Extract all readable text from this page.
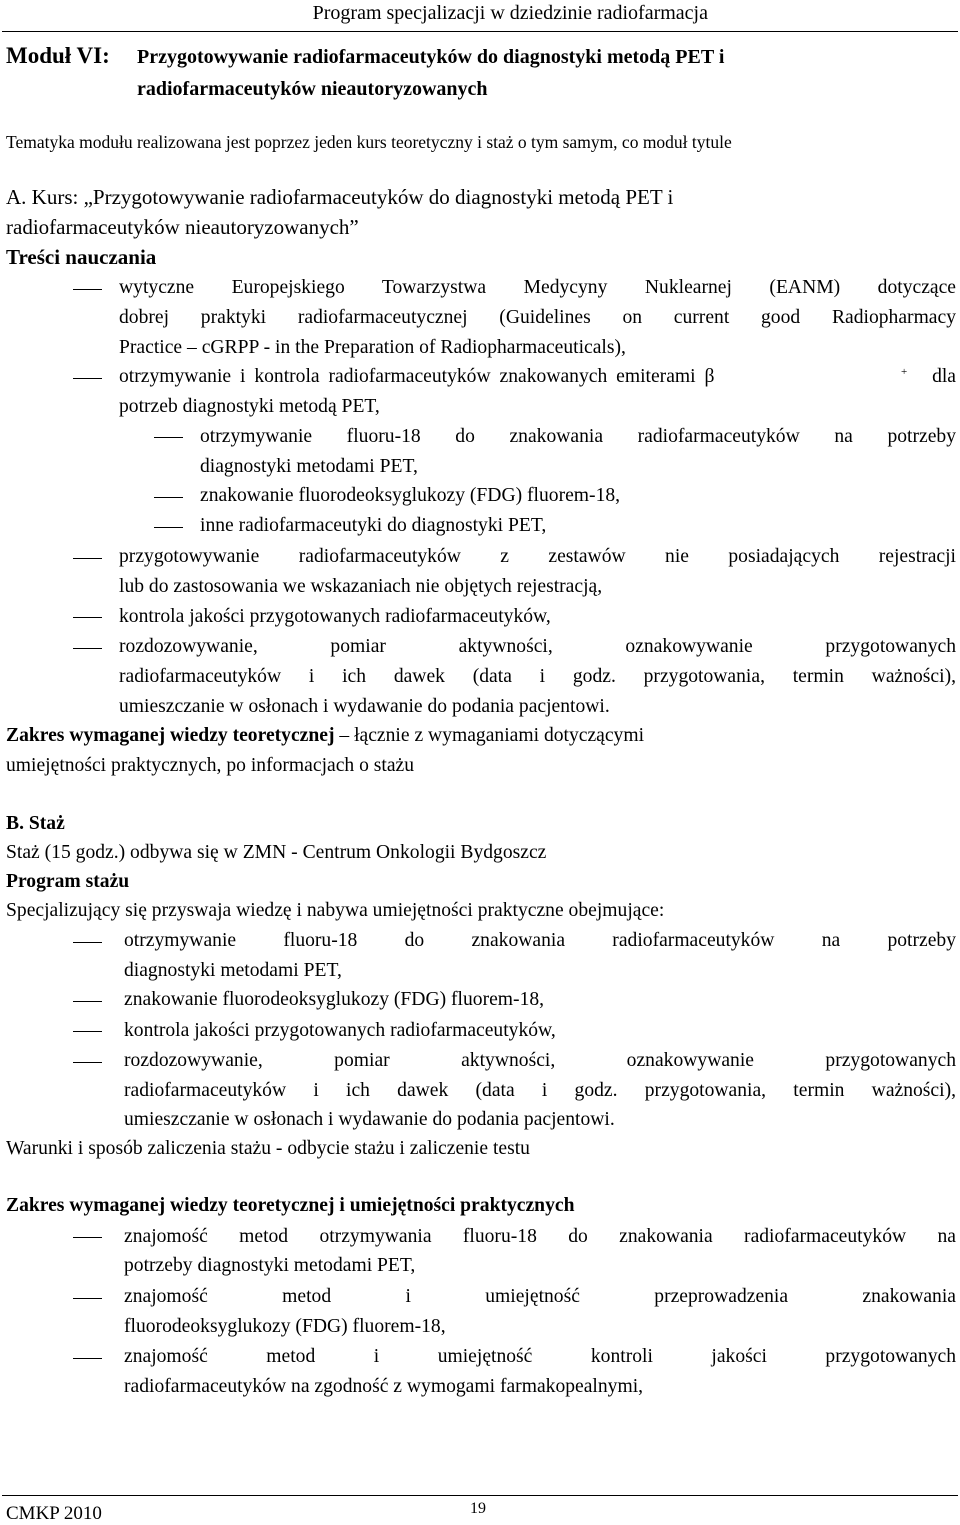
Program specjalizacji w dziedzinie radiofarmacja
Moduł VI: Przygotowywanie radiofarmaceutyków do diagnostyki metodą PET i
radiofarmaceutyków nieautoryzowanych
Tematyka modułu realizowana jest poprzez jeden kurs teoretyczny i staż o tym samym, co moduł tytule
A. Kurs: „Przygotowywanie radiofarmaceutyków do diagnostyki metodą PET i
radiofarmaceutyków nieautoryzowanych”
Treści nauczania
wytyczne Europejskiego Towarzystwa Medycyny Nuklearnej (EANM) dotyczące
dobrej praktyki radiofarmaceutycznej (Guidelines on current good Radiopharmacy
Practice – cGRPP - in the Preparation of Radiopharmaceuticals),
otrzymywanie i kontrola radiofarmaceutyków znakowanych emiterami β	+ dla
potrzeb diagnostyki metodą PET,
otrzymywanie fluoru-18 do znakowania radiofarmaceutyków na potrzeby
diagnostyki metodami PET,
znakowanie fluorodeoksyglukozy (FDG) fluorem-18,
inne radiofarmaceutyki do diagnostyki PET,
przygotowywanie radiofarmaceutyków z zestawów nie posiadających rejestracji
lub do zastosowania we wskazaniach nie objętych rejestracją,
kontrola jakości przygotowanych radiofarmaceutyków,
rozdozowywanie, pomiar aktywności, oznakowywanie przygotowanych
radiofarmaceutyków i ich dawek (data i godz. przygotowania, termin ważności),
umieszczanie w osłonach i wydawanie do podania pacjentowi.
Zakres wymaganej wiedzy teoretycznej – łącznie z wymaganiami dotyczącymi
umiejętności praktycznych, po informacjach o stażu
B. Staż
Staż (15 godz.) odbywa się w ZMN - Centrum Onkologii Bydgoszcz
Program stażu
Specjalizujący się przyswaja wiedzę i nabywa umiejętności praktyczne obejmujące:
otrzymywanie fluoru-18 do znakowania radiofarmaceutyków na potrzeby
diagnostyki metodami PET,
znakowanie fluorodeoksyglukozy (FDG) fluorem-18,
kontrola jakości przygotowanych radiofarmaceutyków,
rozdozowywanie, pomiar aktywności, oznakowywanie przygotowanych
radiofarmaceutyków i ich dawek (data i godz. przygotowania, termin ważności),
umieszczanie w osłonach i wydawanie do podania pacjentowi.
Warunki i sposób zaliczenia stażu - odbycie stażu i zaliczenie testu
Zakres wymaganej wiedzy teoretycznej i umiejętności praktycznych
znajomość metod otrzymywania fluoru-18 do znakowania radiofarmaceutyków na
potrzeby diagnostyki metodami PET,
znajomość metod i umiejętność przeprowadzenia znakowania
fluorodeoksyglukozy (FDG) fluorem-18,
znajomość metod i umiejętność kontroli jakości przygotowanych
radiofarmaceutyków na zgodność z wymogami farmakopealnymi,
CMKP 2010	19
